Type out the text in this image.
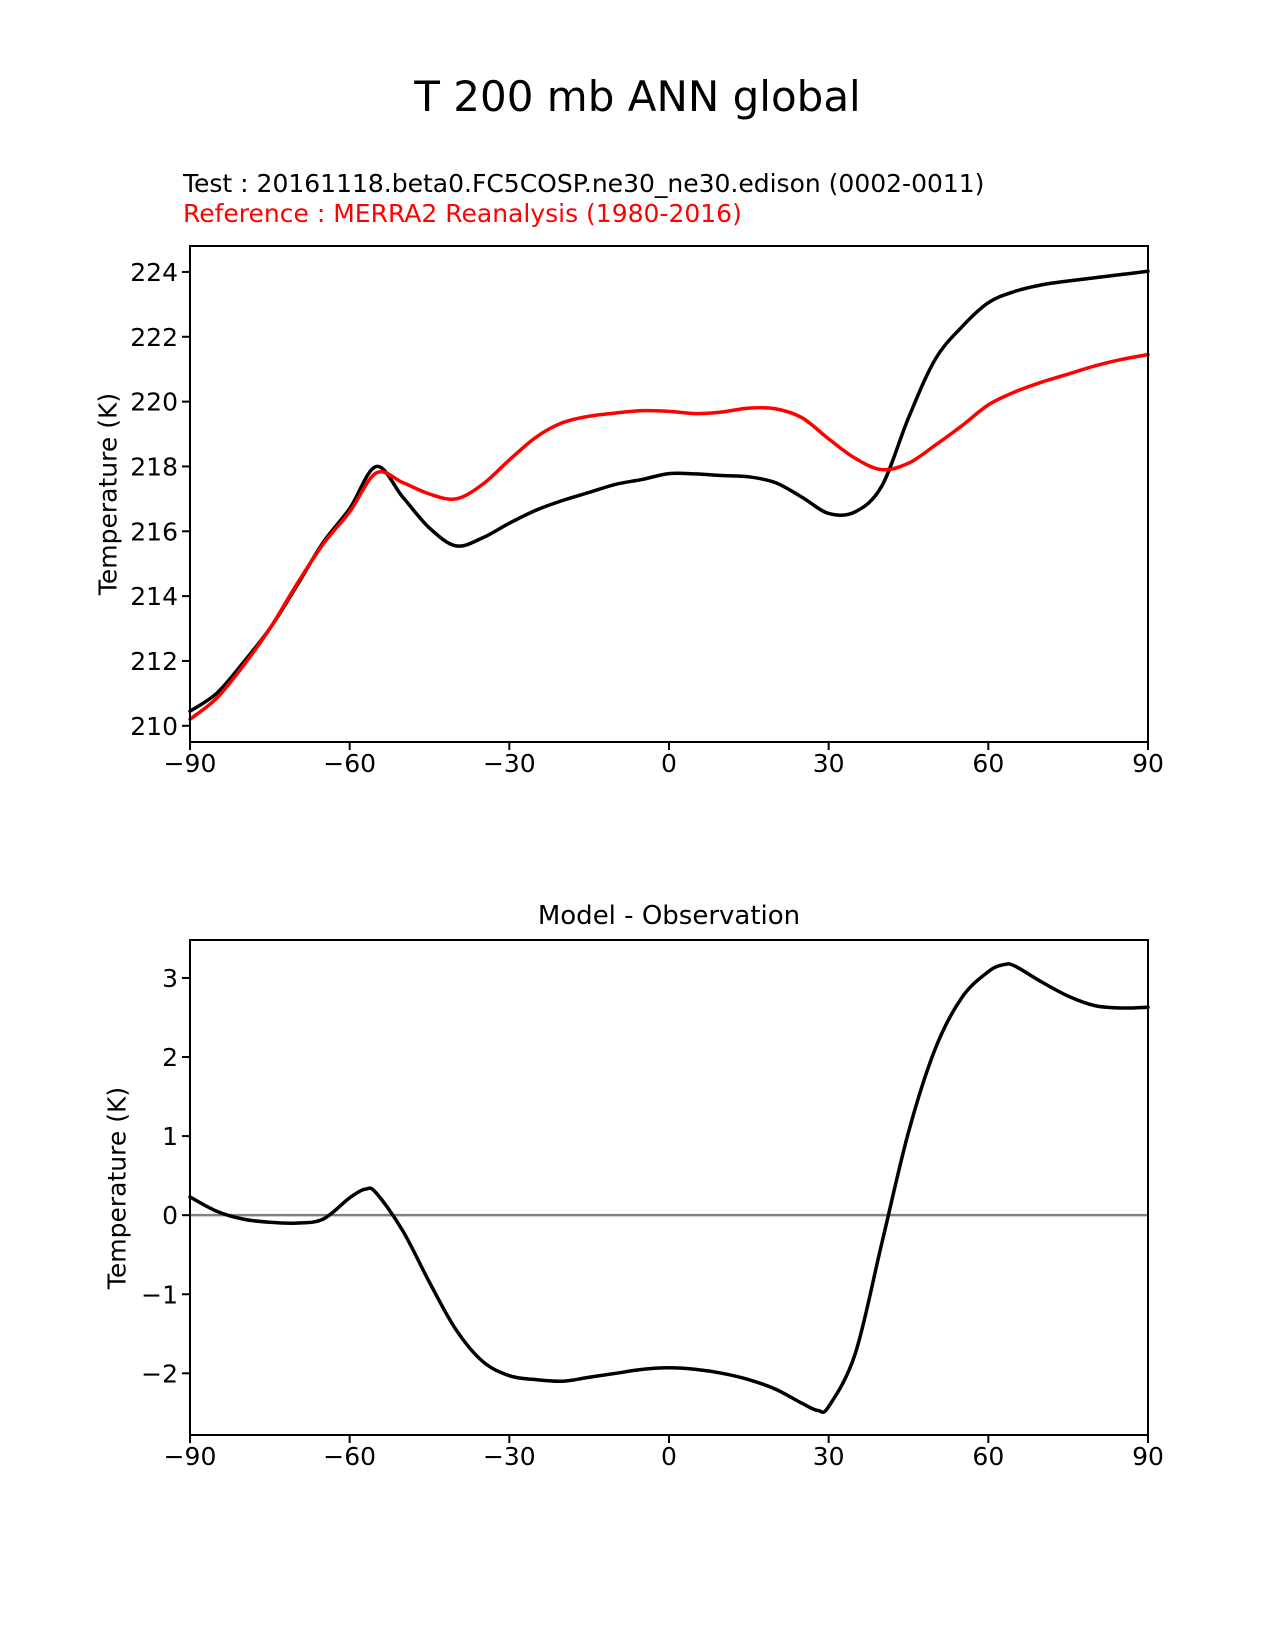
T 200 mb ANN global
Test : 20161118.beta0.FC5COSP.ne30_ne30.edison (0002-0011)
Reference : MERRA2 Reanalysis (1980-2016)
Temperature (K)
Model - Observation
Temperature (K)
−90	−60	−30	0	30	60	90
210
212
214
216
218
220
222
224
−90	−60	−30	0	30	60	90
−2
−1
0
1
2
3
